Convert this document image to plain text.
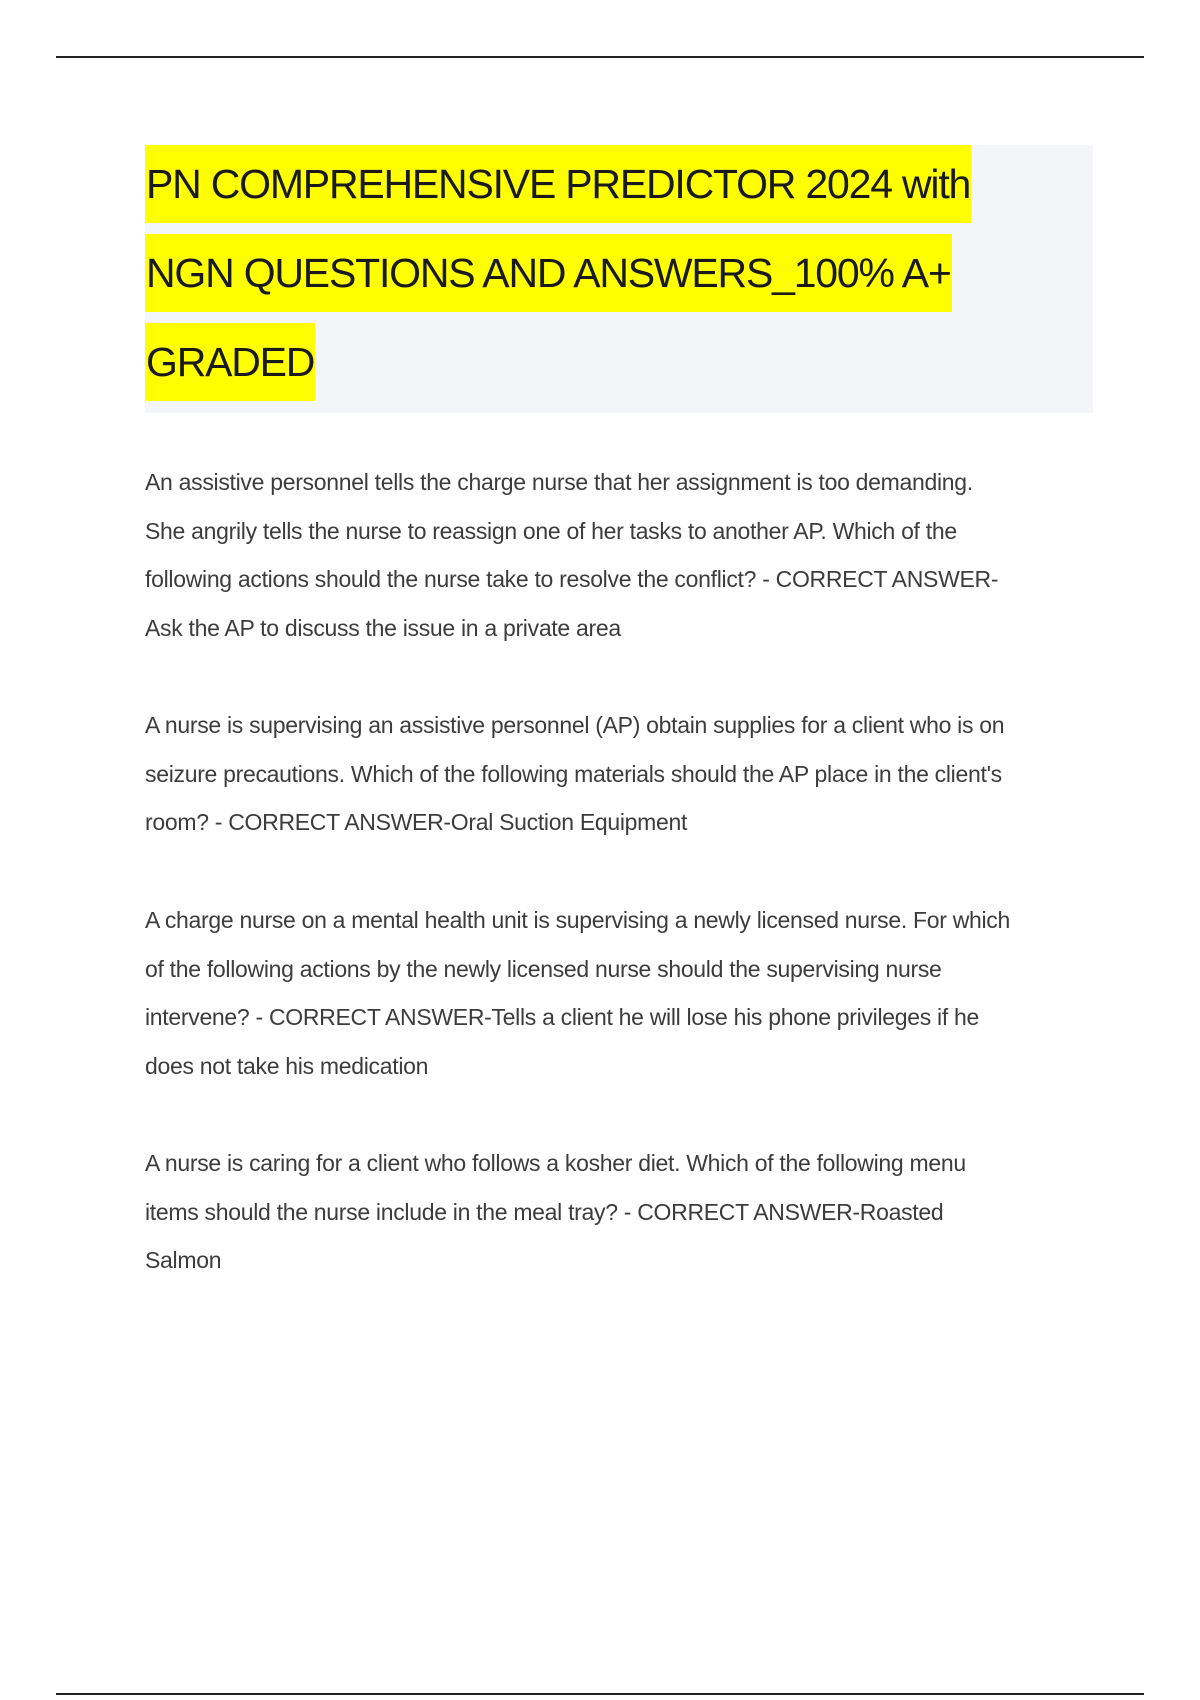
PN COMPREHENSIVE PREDICTOR 2024 with
NGN QUESTIONS AND ANSWERS_100% A+
GRADED

An assistive personnel tells the charge nurse that her assignment is too demanding.
She angrily tells the nurse to reassign one of her tasks to another AP. Which of the
following actions should the nurse take to resolve the conflict? - CORRECT ANSWER-
Ask the AP to discuss the issue in a private area

A nurse is supervising an assistive personnel (AP) obtain supplies for a client who is on
seizure precautions. Which of the following materials should the AP place in the client's
room? - CORRECT ANSWER-Oral Suction Equipment

A charge nurse on a mental health unit is supervising a newly licensed nurse. For which
of the following actions by the newly licensed nurse should the supervising nurse
intervene? - CORRECT ANSWER-Tells a client he will lose his phone privileges if he
does not take his medication

A nurse is caring for a client who follows a kosher diet. Which of the following menu
items should the nurse include in the meal tray? - CORRECT ANSWER-Roasted
Salmon
